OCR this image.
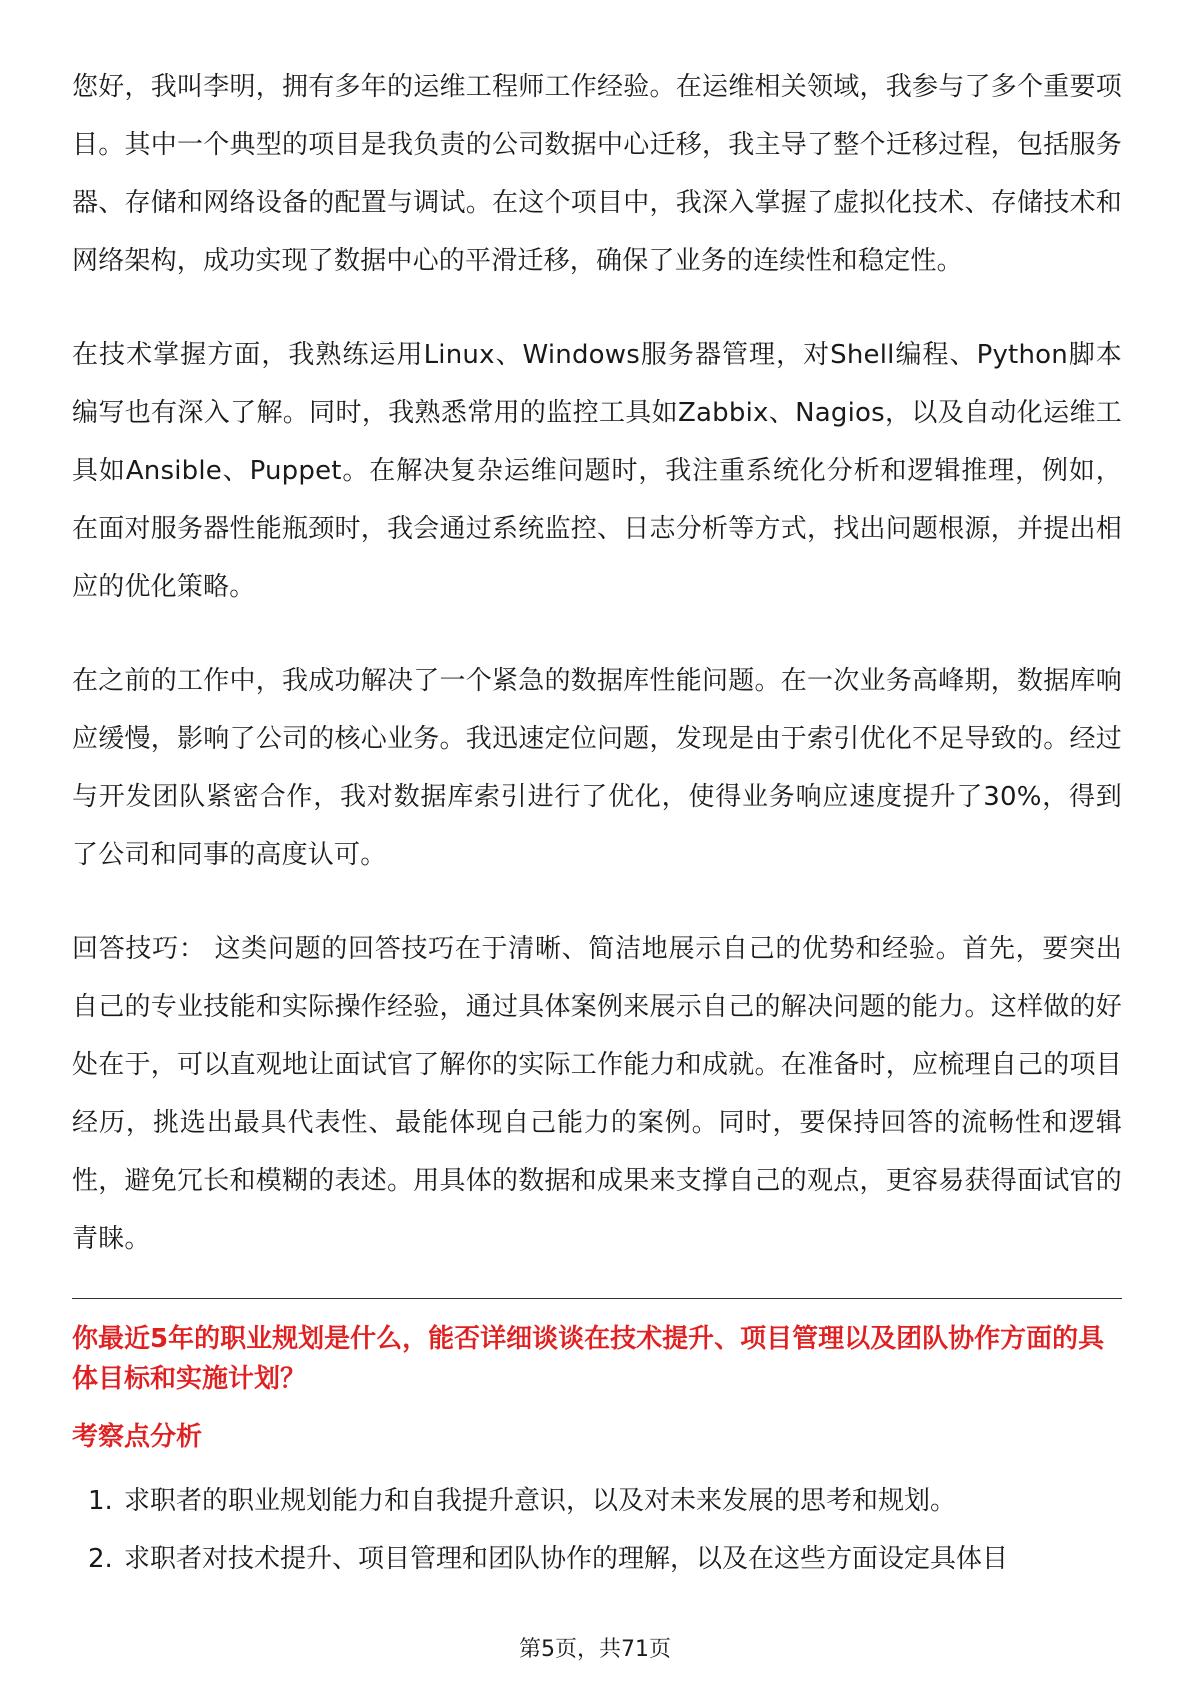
您好，我叫李明，拥有多年的运维工程师工作经验。在运维相关领域，我参与了多个重要项目。其中一个典型的项目是我负责的公司数据中心迁移，我主导了整个迁移过程，包括服务器、存储和网络设备的配置与调试。在这个项目中，我深入掌握了虚拟化技术、存储技术和网络架构，成功实现了数据中心的平滑迁移，确保了业务的连续性和稳定性。

在技术掌握方面，我熟练运用Linux、Windows服务器管理，对Shell编程、Python脚本编写也有深入了解。同时，我熟悉常用的监控工具如Zabbix、Nagios，以及自动化运维工具如Ansible、Puppet。在解决复杂运维问题时，我注重系统化分析和逻辑推理，例如，在面对服务器性能瓶颈时，我会通过系统监控、日志分析等方式，找出问题根源，并提出相应的优化策略。

在之前的工作中，我成功解决了一个紧急的数据库性能问题。在一次业务高峰期，数据库响应缓慢，影响了公司的核心业务。我迅速定位问题，发现是由于索引优化不足导致的。经过与开发团队紧密合作，我对数据库索引进行了优化，使得业务响应速度提升了30%，得到了公司和同事的高度认可。

回答技巧： 这类问题的回答技巧在于清晰、简洁地展示自己的优势和经验。首先，要突出自己的专业技能和实际操作经验，通过具体案例来展示自己的解决问题的能力。这样做的好处在于，可以直观地让面试官了解你的实际工作能力和成就。在准备时，应梳理自己的项目经历，挑选出最具代表性、最能体现自己能力的案例。同时，要保持回答的流畅性和逻辑性，避免冗长和模糊的表述。用具体的数据和成果来支撑自己的观点，更容易获得面试官的青睐。

你最近5年的职业规划是什么，能否详细谈谈在技术提升、项目管理以及团队协作方面的具体目标和实施计划？
考察点分析
1. 求职者的职业规划能力和自我提升意识，以及对未来发展的思考和规划。
2. 求职者对技术提升、项目管理和团队协作的理解，以及在这些方面设定具体目
第5页，共71页
